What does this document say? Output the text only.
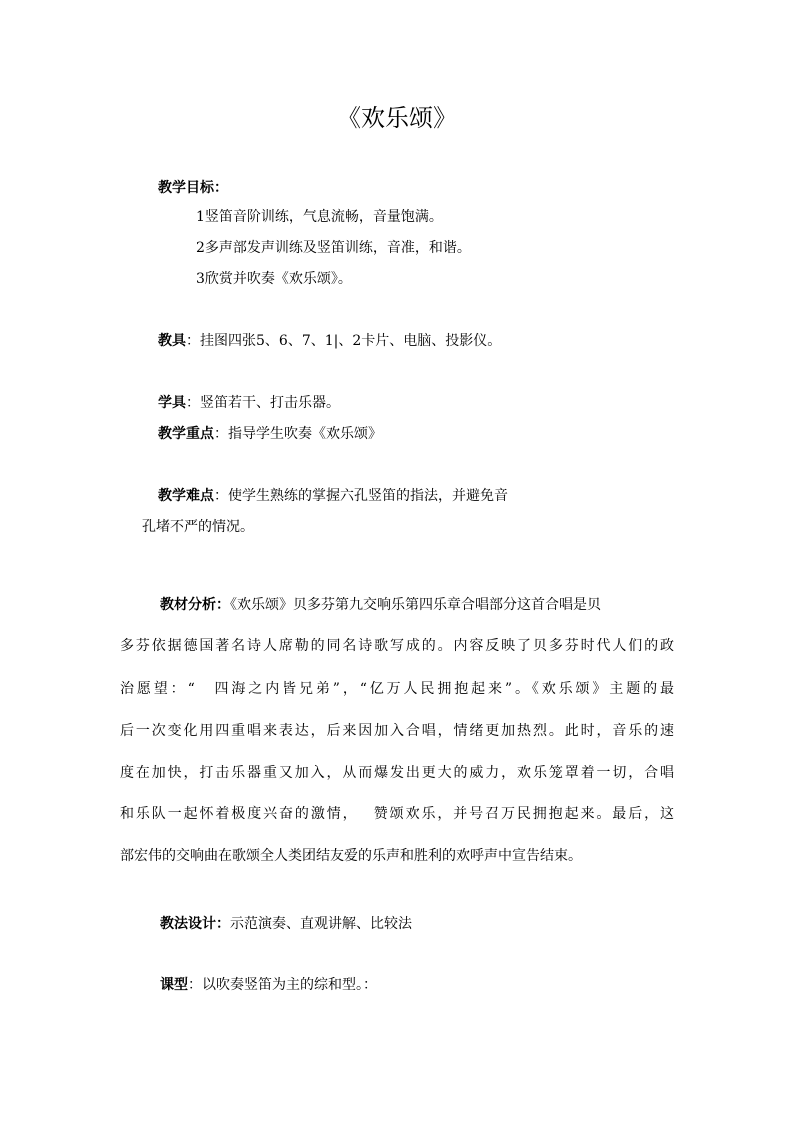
《欢乐颂》
教学目标：
1竖笛音阶训练，气息流畅，音量饱满。
2多声部发声训练及竖笛训练，音准，和谐。
3欣赏并吹奏《欢乐颂》。
教具：挂图四张5、6、7、1|、2卡片、电脑、投影仪。
学具：竖笛若干、打击乐器。
教学重点：指导学生吹奏《欢乐颂》
教学难点：使学生熟练的掌握六孔竖笛的指法，并避免音
孔堵不严的情况。
教材分析：《欢乐颂》贝多芬第九交响乐第四乐章合唱部分这首合唱是贝
多芬依据德国著名诗人席勒的同名诗歌写成的。内容反映了贝多芬时代人们的政
治愿望：“　四海之内皆兄弟”，“亿万人民拥抱起来”。《欢乐颂》主题的最
后一次变化用四重唱来表达，后来因加入合唱，情绪更加热烈。此时，音乐的速
度在加快，打击乐器重又加入，从而爆发出更大的威力，欢乐笼罩着一切，合唱
和乐队一起怀着极度兴奋的激情，　 赞颂欢乐，并号召万民拥抱起来。最后，这
部宏伟的交响曲在歌颂全人类团结友爱的乐声和胜利的欢呼声中宣告结束。
教法设计：示范演奏、直观讲解、比较法
课型：以吹奏竖笛为主的综和型。：
